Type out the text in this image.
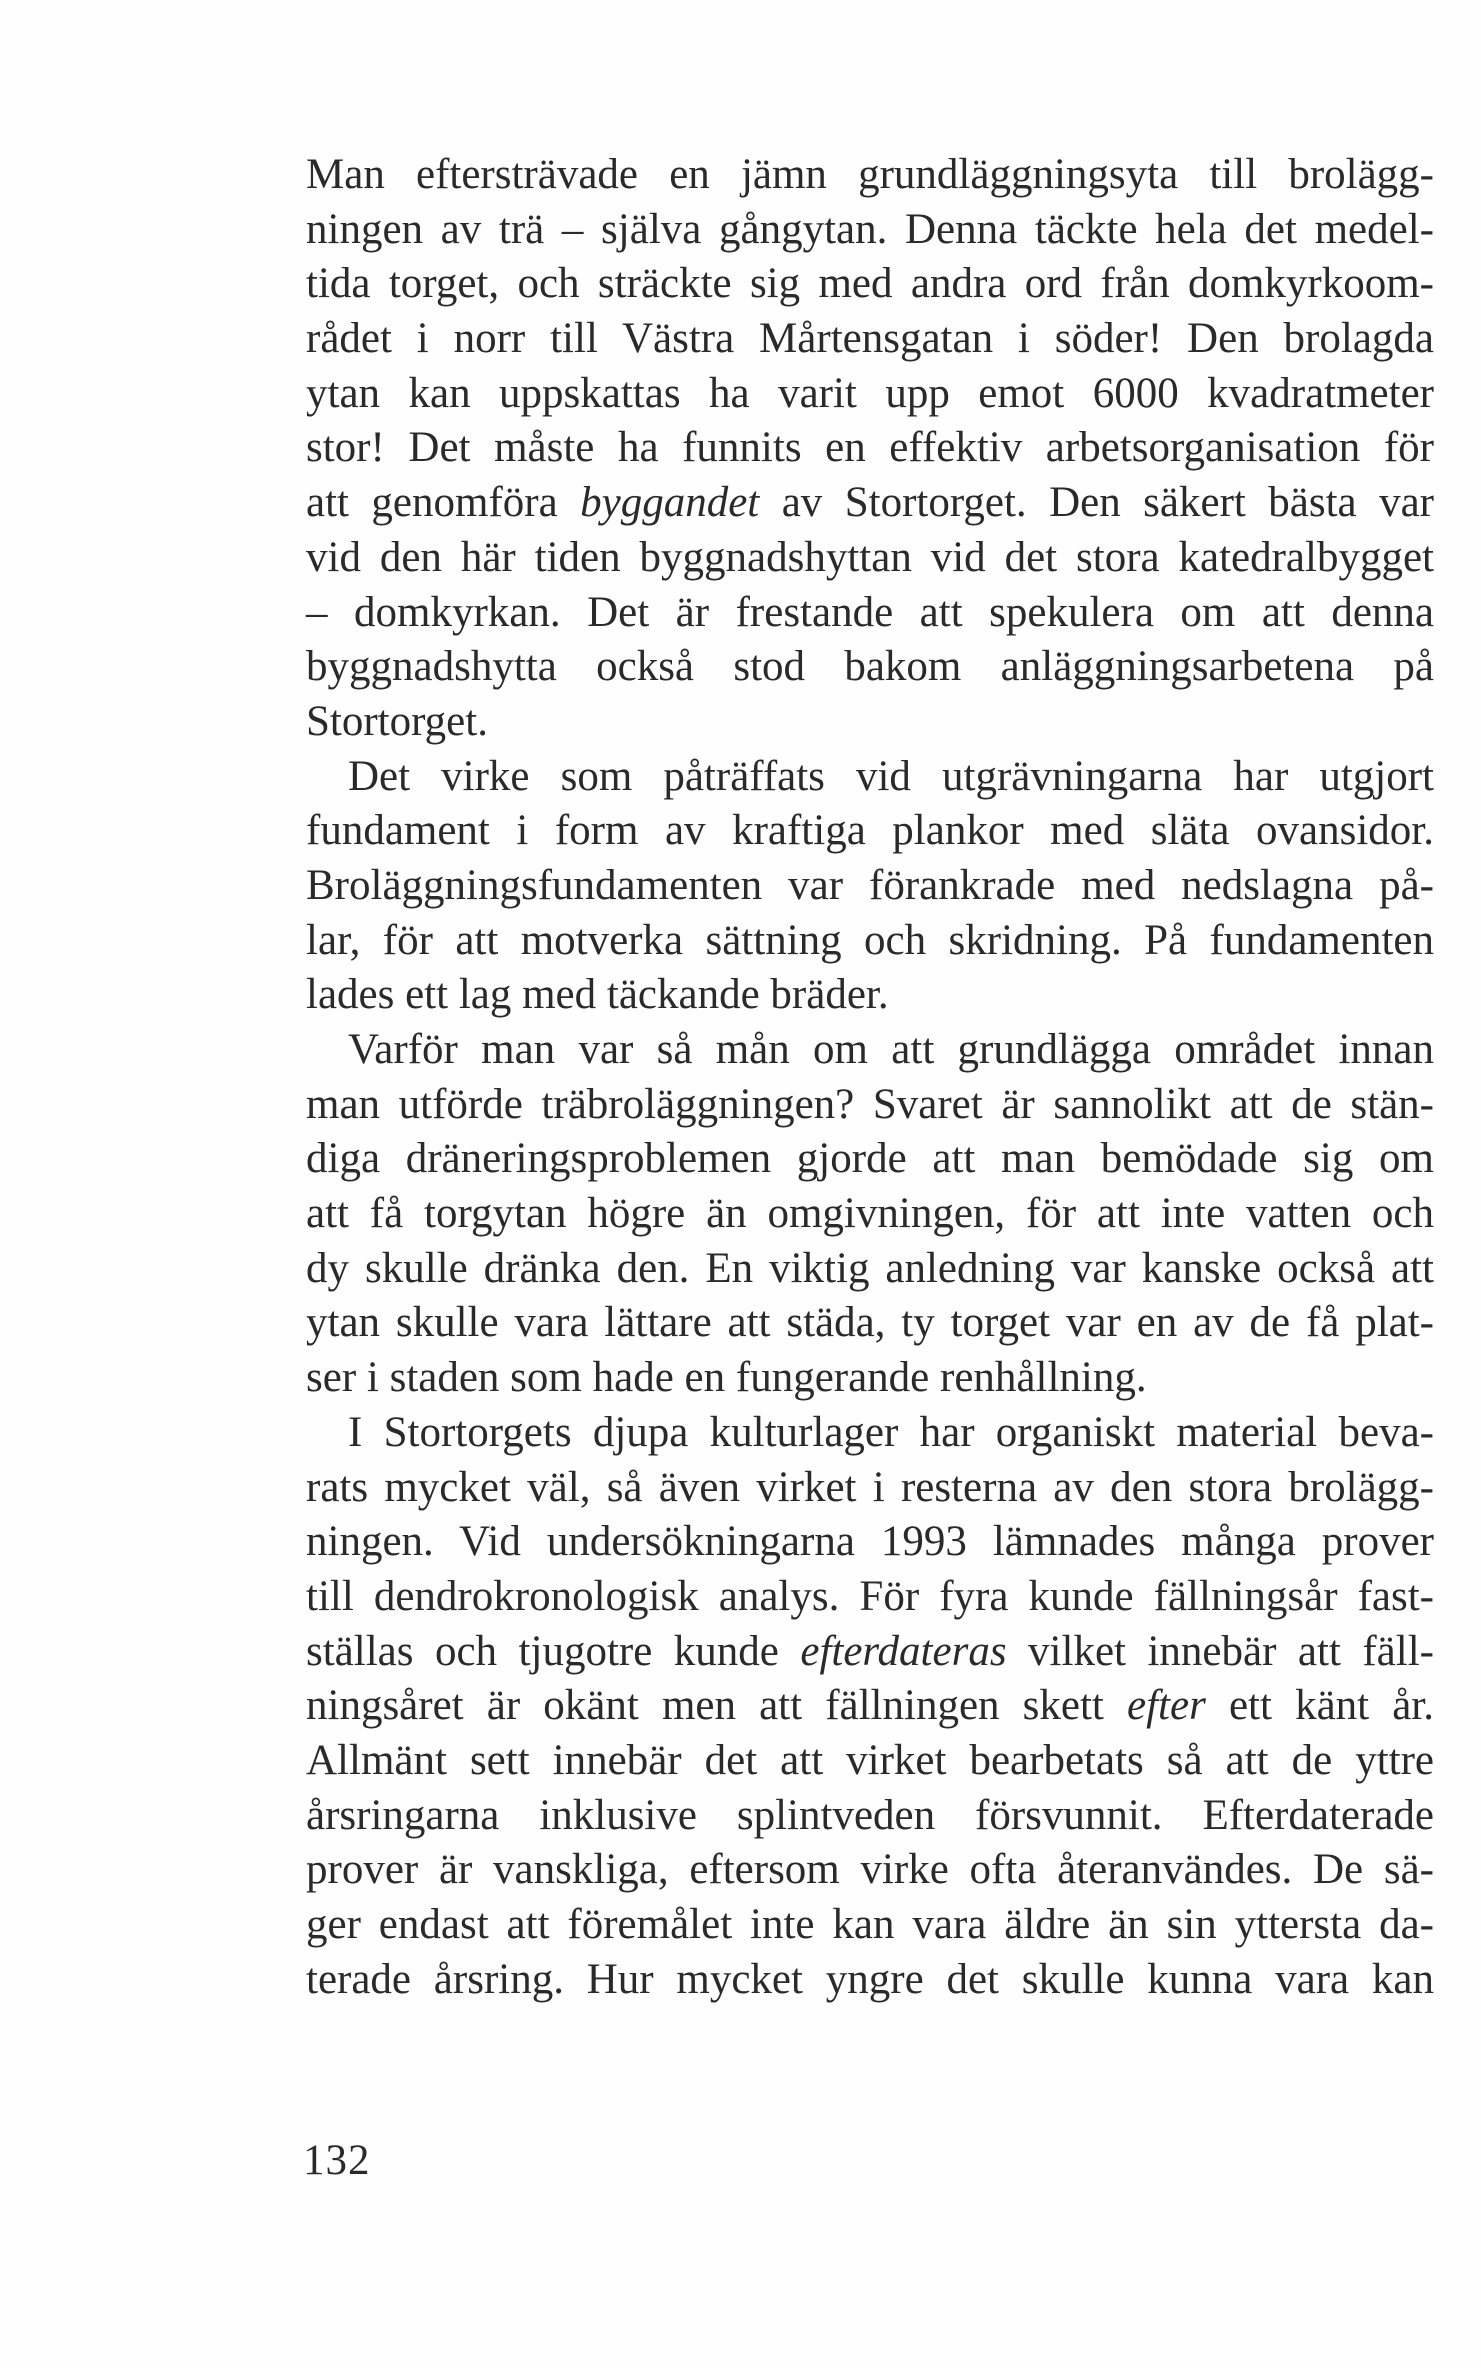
Man eftersträvade en jämn grundläggningsyta till brolägg-
ningen av trä – själva gångytan. Denna täckte hela det medel-
tida torget, och sträckte sig med andra ord från domkyrkoom-
rådet i norr till Västra Mårtensgatan i söder! Den brolagda
ytan kan uppskattas ha varit upp emot 6000 kvadratmeter
stor! Det måste ha funnits en effektiv arbetsorganisation för
att genomföra byggandet av Stortorget. Den säkert bästa var
vid den här tiden byggnadshyttan vid det stora katedralbygget
– domkyrkan. Det är frestande att spekulera om att denna
byggnadshytta också stod bakom anläggningsarbetena på
Stortorget.
Det virke som påträffats vid utgrävningarna har utgjort
fundament i form av kraftiga plankor med släta ovansidor.
Broläggningsfundamenten var förankrade med nedslagna på-
lar, för att motverka sättning och skridning. På fundamenten
lades ett lag med täckande bräder.
Varför man var så mån om att grundlägga området innan
man utförde träbroläggningen? Svaret är sannolikt att de stän-
diga dräneringsproblemen gjorde att man bemödade sig om
att få torgytan högre än omgivningen, för att inte vatten och
dy skulle dränka den. En viktig anledning var kanske också att
ytan skulle vara lättare att städa, ty torget var en av de få plat-
ser i staden som hade en fungerande renhållning.
I Stortorgets djupa kulturlager har organiskt material beva-
rats mycket väl, så även virket i resterna av den stora brolägg-
ningen. Vid undersökningarna 1993 lämnades många prover
till dendrokronologisk analys. För fyra kunde fällningsår fast-
ställas och tjugotre kunde efterdateras vilket innebär att fäll-
ningsåret är okänt men att fällningen skett efter ett känt år.
Allmänt sett innebär det att virket bearbetats så att de yttre
årsringarna inklusive splintveden försvunnit. Efterdaterade
prover är vanskliga, eftersom virke ofta återanvändes. De sä-
ger endast att föremålet inte kan vara äldre än sin yttersta da-
terade årsring. Hur mycket yngre det skulle kunna vara kan
132
